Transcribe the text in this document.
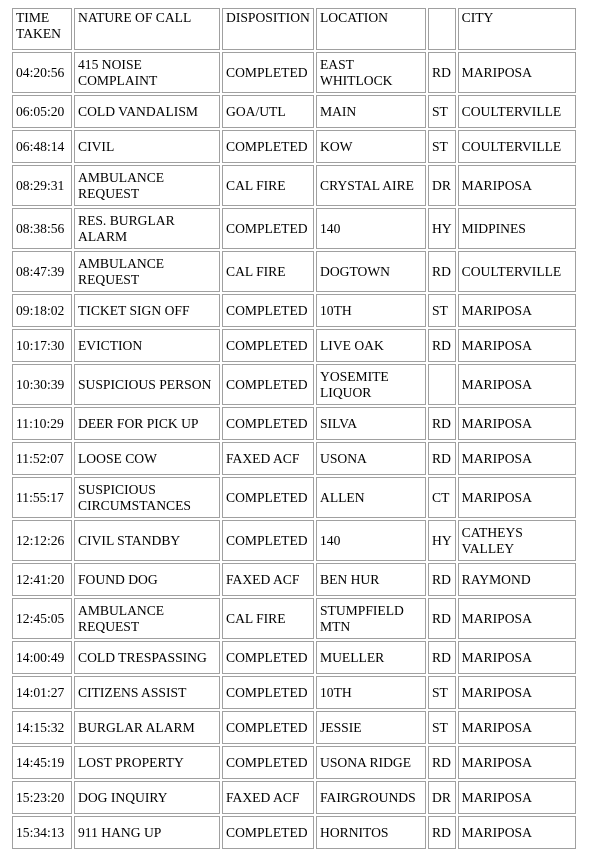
TIME TAKEN	NATURE OF CALL	DISPOSITION	LOCATION		CITY
04:20:56	415 NOISE COMPLAINT	COMPLETED	EAST WHITLOCK	RD	MARIPOSA
06:05:20	COLD VANDALISM	GOA/UTL	MAIN	ST	COULTERVILLE
06:48:14	CIVIL	COMPLETED	KOW	ST	COULTERVILLE
08:29:31	AMBULANCE REQUEST	CAL FIRE	CRYSTAL AIRE	DR	MARIPOSA
08:38:56	RES. BURGLAR ALARM	COMPLETED	140	HY	MIDPINES
08:47:39	AMBULANCE REQUEST	CAL FIRE	DOGTOWN	RD	COULTERVILLE
09:18:02	TICKET SIGN OFF	COMPLETED	10TH	ST	MARIPOSA
10:17:30	EVICTION	COMPLETED	LIVE OAK	RD	MARIPOSA
10:30:39	SUSPICIOUS PERSON	COMPLETED	YOSEMITE LIQUOR		MARIPOSA
11:10:29	DEER FOR PICK UP	COMPLETED	SILVA	RD	MARIPOSA
11:52:07	LOOSE COW	FAXED ACF	USONA	RD	MARIPOSA
11:55:17	SUSPICIOUS CIRCUMSTANCES	COMPLETED	ALLEN	CT	MARIPOSA
12:12:26	CIVIL STANDBY	COMPLETED	140	HY	CATHEYS VALLEY
12:41:20	FOUND DOG	FAXED ACF	BEN HUR	RD	RAYMOND
12:45:05	AMBULANCE REQUEST	CAL FIRE	STUMPFIELD MTN	RD	MARIPOSA
14:00:49	COLD TRESPASSING	COMPLETED	MUELLER	RD	MARIPOSA
14:01:27	CITIZENS ASSIST	COMPLETED	10TH	ST	MARIPOSA
14:15:32	BURGLAR ALARM	COMPLETED	JESSIE	ST	MARIPOSA
14:45:19	LOST PROPERTY	COMPLETED	USONA RIDGE	RD	MARIPOSA
15:23:20	DOG INQUIRY	FAXED ACF	FAIRGROUNDS	DR	MARIPOSA
15:34:13	911 HANG UP	COMPLETED	HORNITOS	RD	MARIPOSA
